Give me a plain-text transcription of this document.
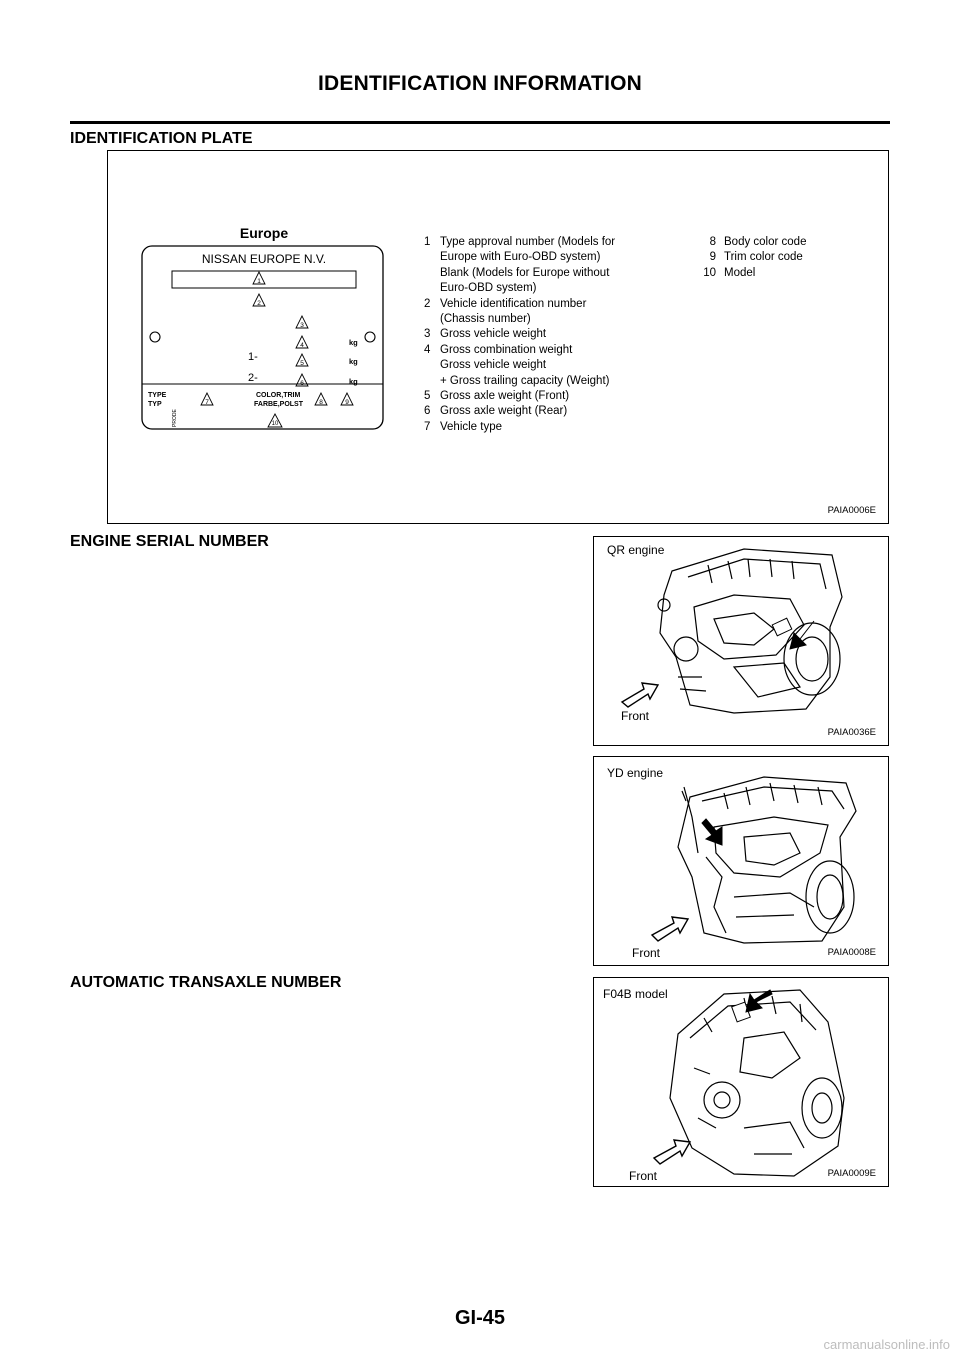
IDENTIFICATION INFORMATION
IDENTIFICATION PLATE
Europe
NISSAN EUROPE N.V.
1
2
3
4
5
6
7	8	9
10
kg
kg
kg
1-
2-
TYPE TYP
COLOR,TRIM FARBE,POLST
PRODE
1 Type approval number (Models for
Europe with Euro-OBD system)
Blank (Models for Europe without
Euro-OBD system)
2 Vehicle identification number
(Chassis number)
3 Gross vehicle weight
4 Gross combination weight
Gross vehicle weight
+ Gross trailing capacity (Weight)
5 Gross axle weight (Front)
6 Gross axle weight (Rear)
7 Vehicle type
8 Body color code
9 Trim color code
10 Model
PAIA0006E
ENGINE SERIAL NUMBER	QR engine
Front
PAIA0036E
YD engine
Front	PAIA0008E
AUTOMATIC TRANSAXLE NUMBER
F04B model
Front	PAIA0009E
GI-45
carmanualsonline.info
